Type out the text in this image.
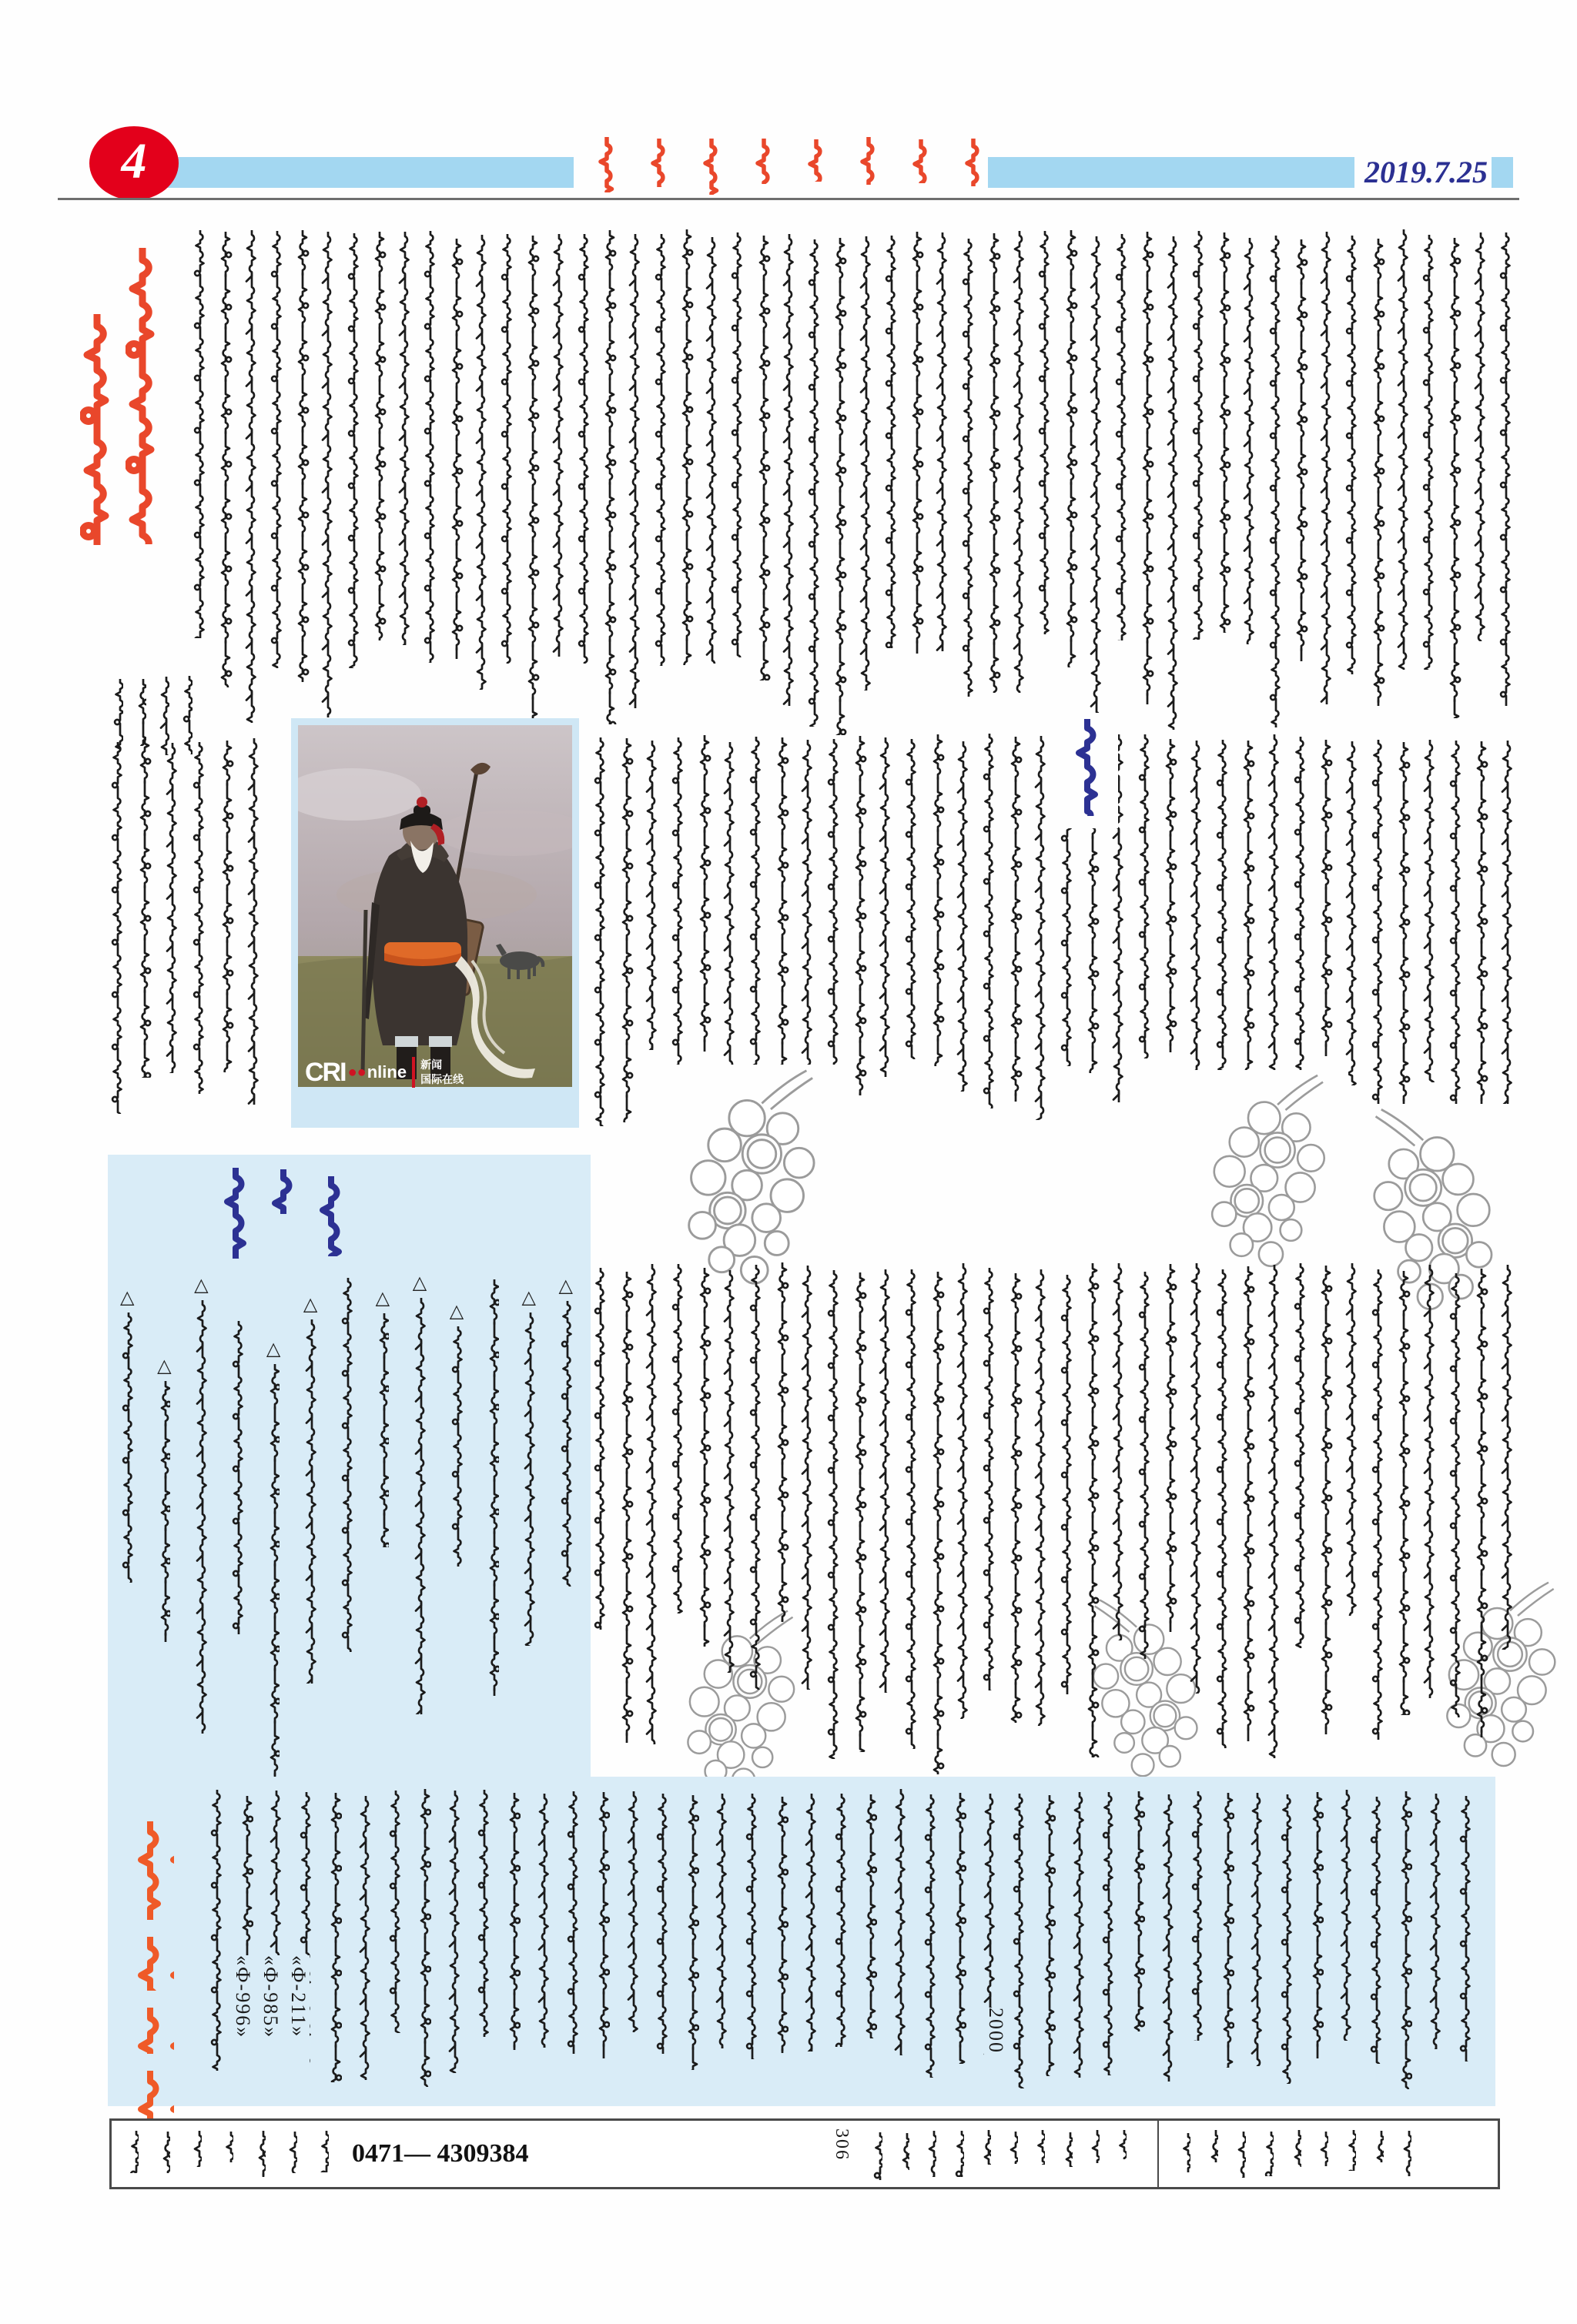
4	2019.7.25
CRI ●● nline 新闻
国际在线
△
△
△
△
△	△
△
△
△
△
«Ф-996» «Ф-985» «Ф-211»	2000
0471— 4309384	306
